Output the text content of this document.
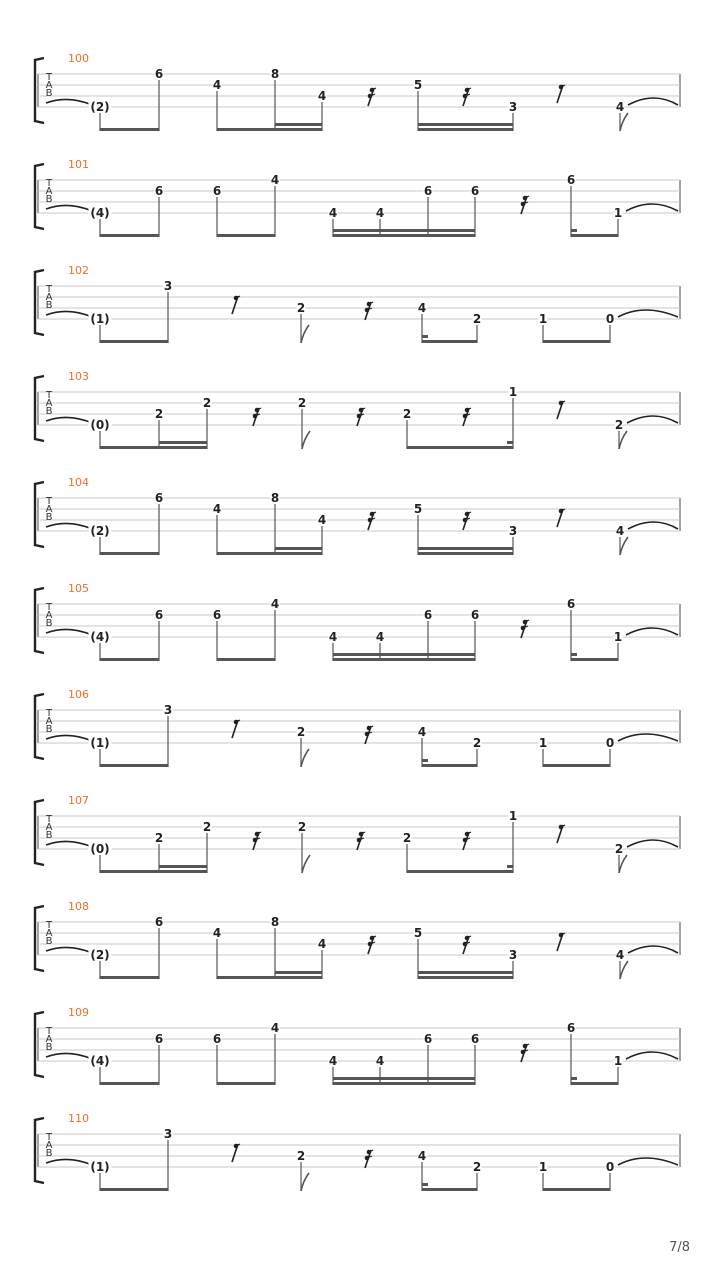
T
A
B
100
(2)
6
4
8
4
5
3	4
T
A
B
101
(4)
6	6
4
4	4
6	6
6
1
T
A
B
102
(1)
3
2	4
2	1	0
T
A
B
103
(0)
2
2	2
2
1
2
T
A
B
104
(2)
6
4
8
4
5
3	4
T
A
B
105
(4)
6	6
4
4	4
6	6
6
1
T
A
B
106
(1)
3
2	4
2	1	0
T
A
B
107
(0)
2
2	2
2
1
2
T
A
B
108
(2)
6
4
8
4
5
3	4
T
A
B
109
(4)
6	6
4
4	4
6	6
6
1
T
A
B
110
(1)
3
2	4
2	1	0
7/8
